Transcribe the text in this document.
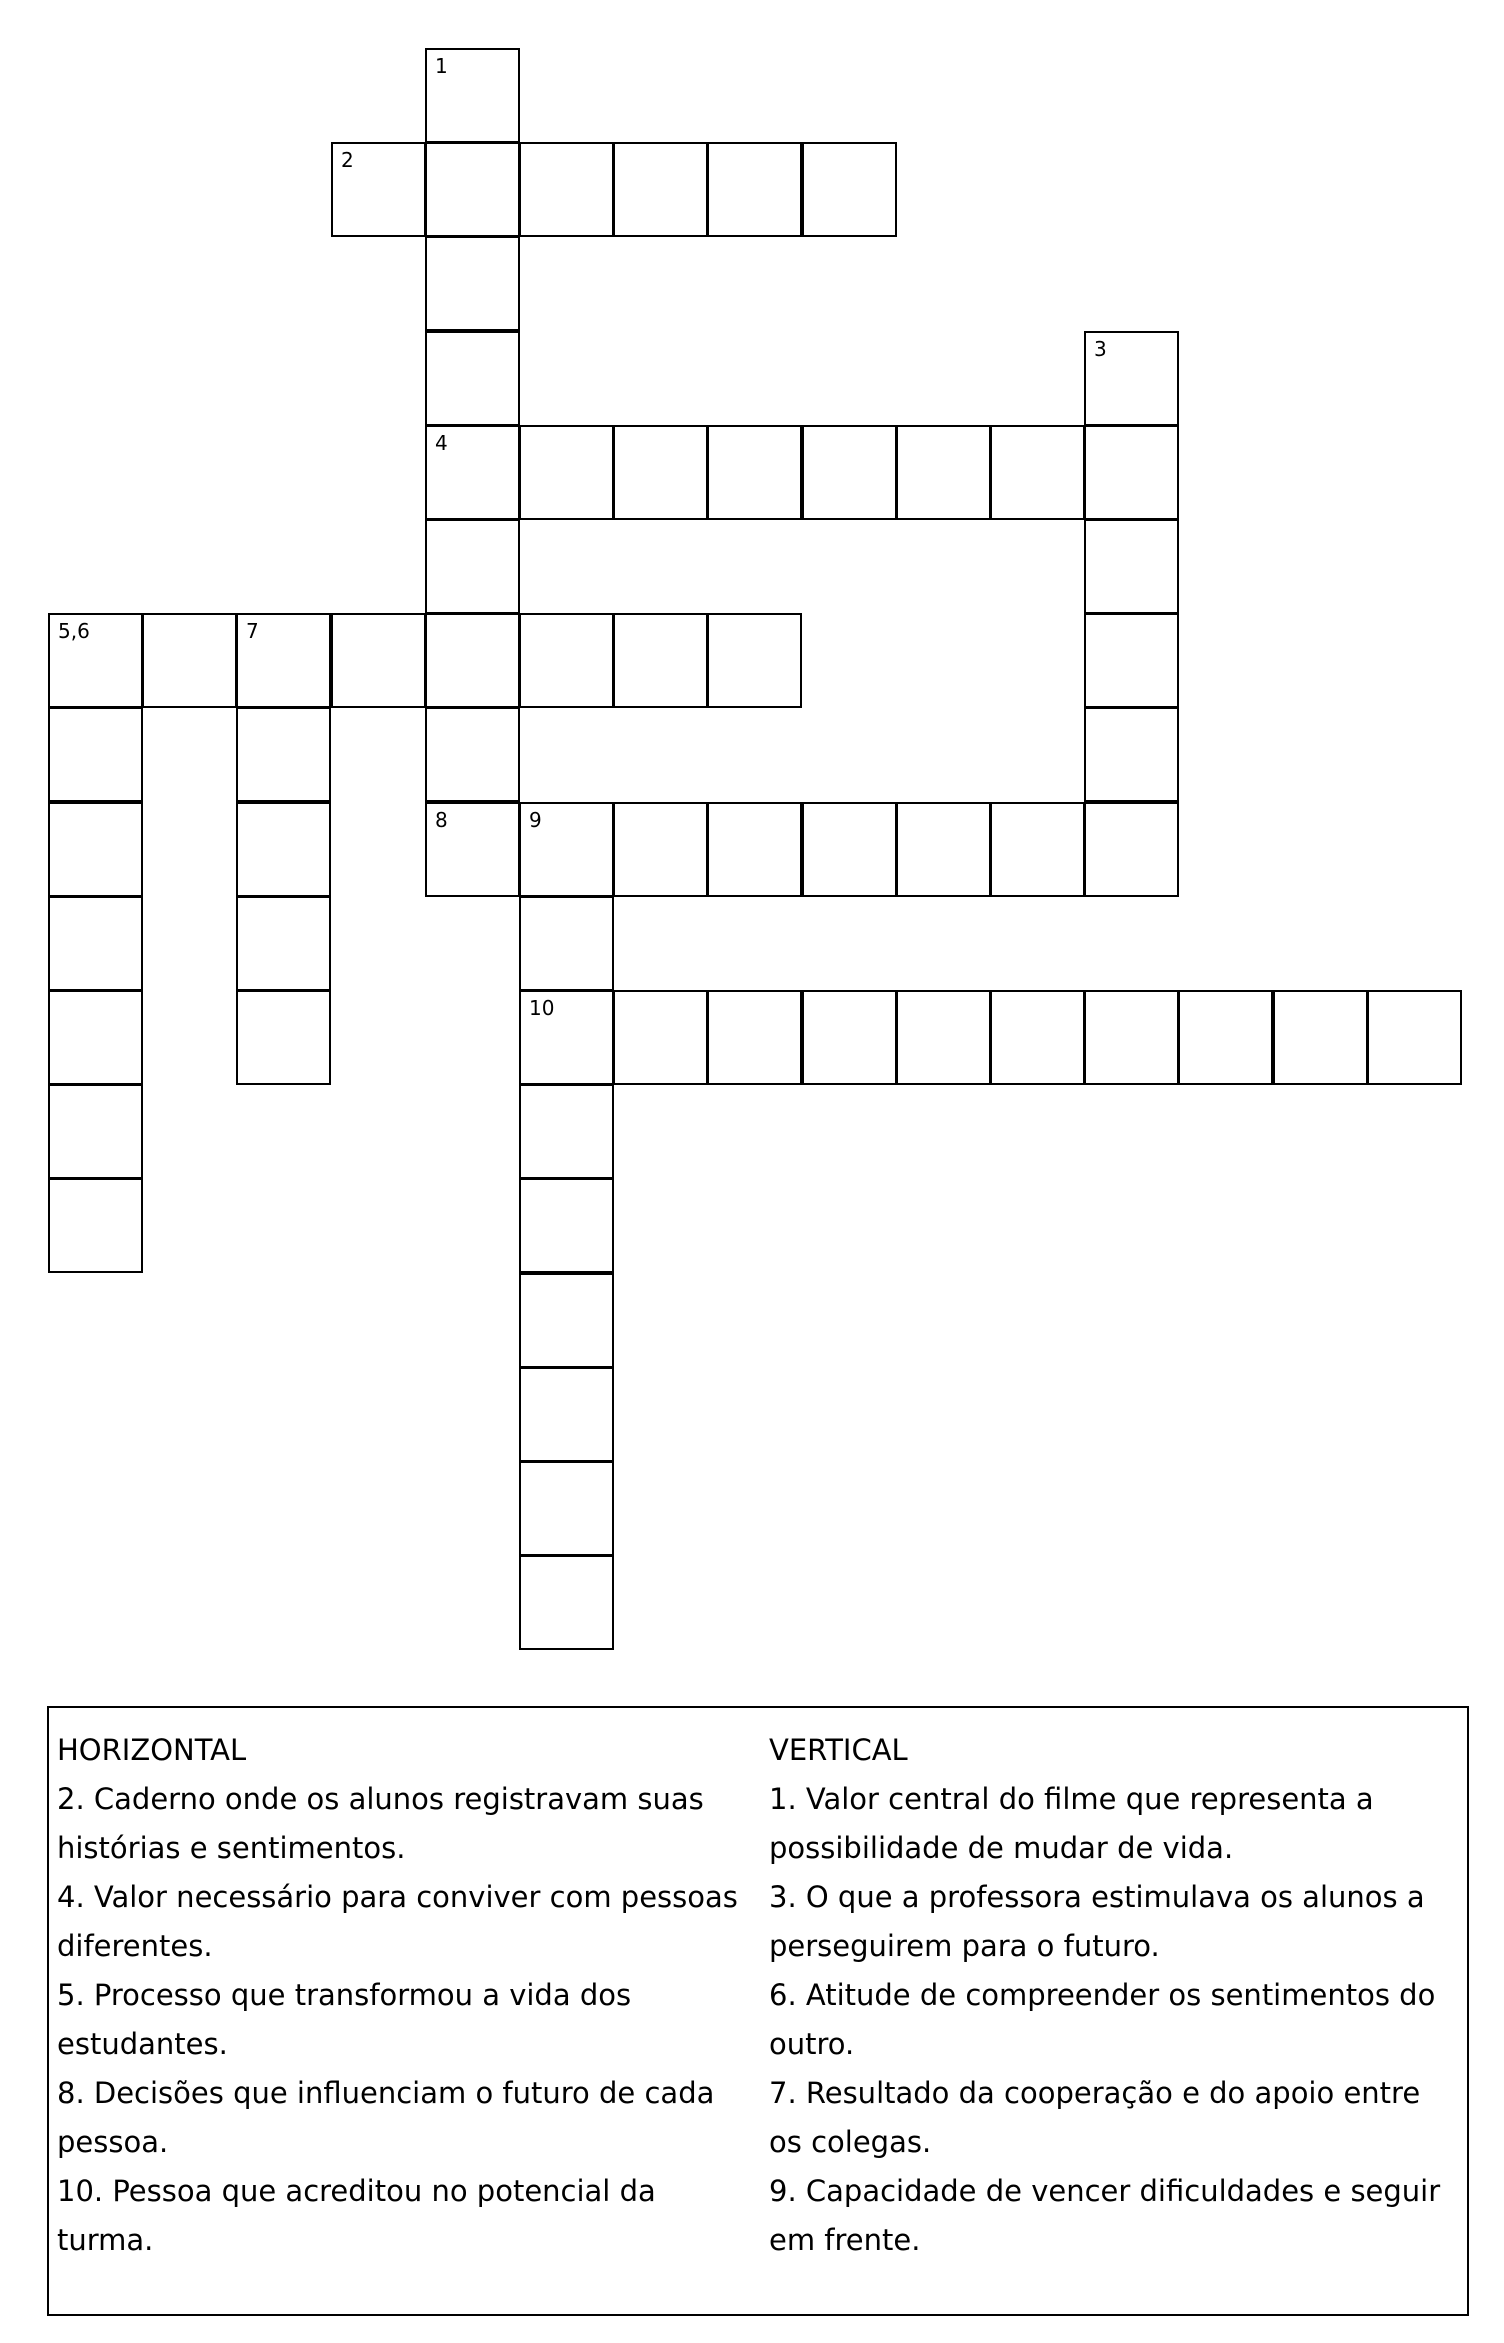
1
2
3
4
5,6	7
8	9
10
HORIZONTAL
2. Caderno onde os alunos registravam suas histórias e sentimentos.
4. Valor necessário para conviver com pessoas diferentes.
5. Processo que transformou a vida dos estudantes.
8. Decisões que influenciam o futuro de cada pessoa.
10. Pessoa que acreditou no potencial da turma.
VERTICAL
1. Valor central do filme que representa a possibilidade de mudar de vida.
3. O que a professora estimulava os alunos a perseguirem para o futuro.
6. Atitude de compreender os sentimentos do outro.
7. Resultado da cooperação e do apoio entre os colegas.
9. Capacidade de vencer dificuldades e seguir em frente.
